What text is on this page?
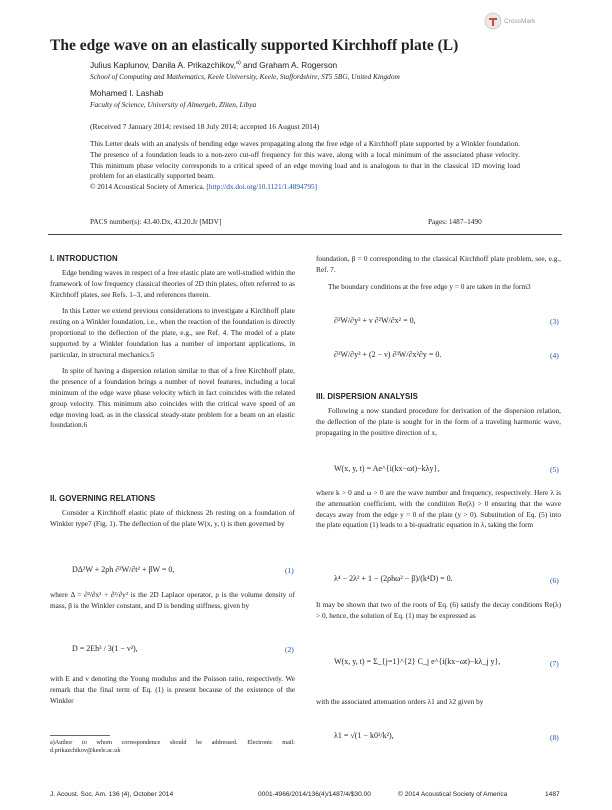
CrossMark
The edge wave on an elastically supported Kirchhoff plate (L)
Julius Kaplunov, Danila A. Prikazchikov,$^{a)}$ and Graham A. Rogerson
School of Computing and Mathematics, Keele University, Keele, Staffordshire, ST5 5BG, United Kingdom
Mohamed I. Lashab
Faculty of Science, University of Almergeb, Zliten, Libya
(Received 7 January 2014; revised 18 July 2014; accepted 16 August 2014)
This Letter deals with an analysis of bending edge waves propagating along the free edge of a Kirchhoff plate supported by a Winkler foundation. The presence of a foundation leads to a non-zero cut-off frequency for this wave, along with a local minimum of the associated phase velocity. This minimum phase velocity corresponds to a critical speed of an edge moving load and is analogous to that in the classical 1D moving load problem for an elastically supported beam.
© 2014 Acoustical Society of America. [http://dx.doi.org/10.1121/1.4894795]
PACS number(s): 43.40.Dx, 43.20.Jr [MDV]	Pages: 1487–1490
I. INTRODUCTION

Edge bending waves in respect of a free elastic plate are well-studied within the framework of low frequency classical theories of 2D thin plates, often referred to as Kirchhoff plates, see Refs. 1–3, and references therein.

In this Letter we extend previous considerations to investigate a Kirchhoff plate resting on a Winkler foundation, i.e., when the reaction of the foundation is directly proportional to the deflection of the plate, e.g., see Ref. 4. The model of a plate supported by a Winkler foundation has a number of important applications, in particular, in structural mechanics.5

In spite of having a dispersion relation similar to that of a free Kirchhoff plate, the presence of a foundation brings a number of novel features, including a local minimum of the edge wave phase velocity which in fact coincides with the related group velocity. This minimum also coincides with the critical wave speed of an edge moving load, as in the classical steady-state problem for a beam on an elastic foundation.6

II. GOVERNING RELATIONS

Consider a Kirchhoff elastic plate of thickness 2h resting on a foundation of Winkler type7 (Fig. 1). The deflection of the plate W(x, y, t) is then governed by

DΔ²W + 2ρh ∂²W/∂t² + βW = 0,	(1)

where Δ = ∂²/∂x² + ∂²/∂y² is the 2D Laplace operator, ρ is the volume density of mass, β is the Winkler constant, and D is bending stiffness, given by

D = 2Eh³ / 3(1 − ν²),	(2)

with E and ν denoting the Young modulus and the Poisson ratio, respectively. We remark that the final term of Eq. (1) is present because of the existence of the Winkler

a)Author to whom correspondence should be addressed. Electronic mail: d.prikazchikov@keele.ac.uk

foundation, β = 0 corresponding to the classical Kirchhoff plate problem, see, e.g., Ref. 7.

The boundary conditions at the free edge y = 0 are taken in the form3

∂²W/∂y² + ν ∂²W/∂x² = 0,	(3)
∂³W/∂y³ + (2 − ν) ∂³W/∂x²∂y = 0.	(4)
III. DISPERSION ANALYSIS

Following a now standard procedure for derivation of the dispersion relation, the deflection of the plate is sought for in the form of a traveling harmonic wave, propagating in the positive direction of x,

W(x, y, t) = Ae^{i(kx−ωt)−kλy},	(5)

where k > 0 and ω > 0 are the wave number and frequency, respectively. Here λ is the attenuation coefficient, with the condition Re(λ) > 0 ensuring that the wave decays away from the edge y = 0 of the plate (y > 0). Substitution of Eq. (5) into the plate equation (1) leads to a bi-quadratic equation in λ, taking the form

λ⁴ − 2λ² + 1 − (2ρhω² − β)/(k⁴D) = 0.	(6)

It may be shown that two of the roots of Eq. (6) satisfy the decay conditions Re(λ) > 0, hence, the solution of Eq. (1) may be expressed as

W(x, y, t) = Σ_{j=1}^{2} C_j e^{i(kx−ωt)−kλ_j y},	(7)

with the associated attenuation orders λ1 and λ2 given by

λ1 = √(1 − k0²/k²),	(8)
J. Acoust. Soc. Am. 136 (4), October 2014	0001-4966/2014/136(4)/1487/4/$30.00	© 2014 Acoustical Society of America	1487
